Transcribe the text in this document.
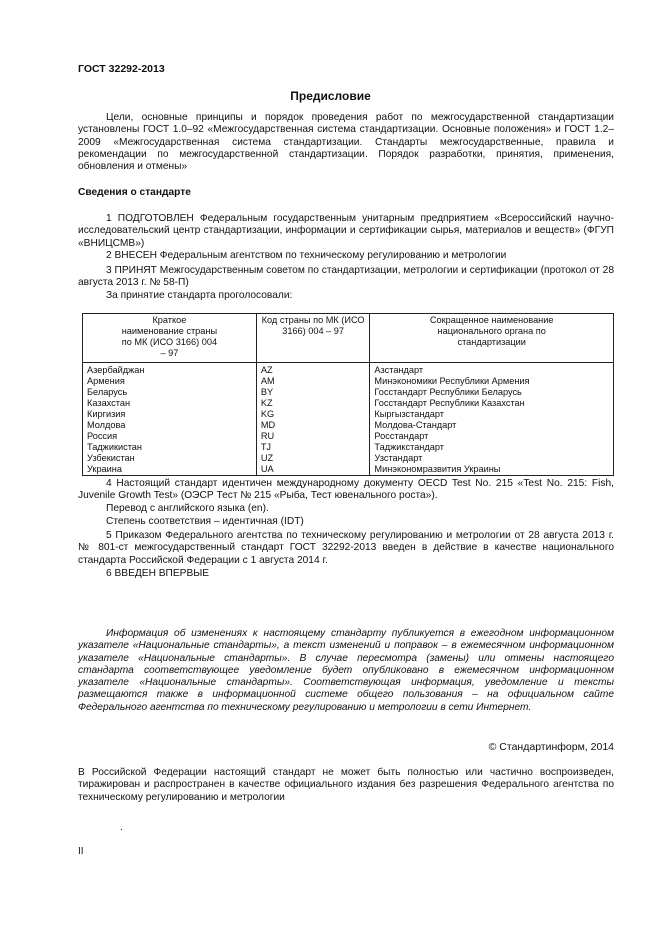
ГОСТ 32292-2013
Предисловие
Цели, основные принципы и порядок проведения работ по межгосударственной стандартизации установлены ГОСТ 1.0–92 «Межгосударственная система стандартизации. Основные положения» и ГОСТ 1.2–2009 «Межгосударственная система стандартизации. Стандарты межгосударственные, правила и рекомендации по межгосударственной стандартизации. Порядок разработки, принятия, применения, обновления и отмены»
Сведения о стандарте
1 ПОДГОТОВЛЕН Федеральным государственным унитарным предприятием «Всероссийский научно-исследовательский центр стандартизации, информации и сертификации сырья, материалов и веществ» (ФГУП «ВНИЦСМВ»)
2 ВНЕСЕН Федеральным агентством по техническому регулированию и метрологии
3 ПРИНЯТ Межгосударственным советом по стандартизации, метрологии и сертификации (протокол от 28 августа 2013 г. № 58-П)
За принятие стандарта проголосовали:
Краткое наименование страны по МК (ИСО 3166) 004 – 97	Код страны по МК (ИСО 3166) 004 – 97	Сокращенное наименование национального органа по стандартизации
Азербайджан	AZ	Азстандарт
Армения	AM	Минэкономики Республики Армения
Беларусь	BY	Госстандарт Республики Беларусь
Казахстан	KZ	Госстандарт Республики Казахстан
Киргизия	KG	Кыргызстандарт
Молдова	MD	Молдова-Стандарт
Россия	RU	Росстандарт
Таджикистан	TJ	Таджикстандарт
Узбекистан	UZ	Узстандарт
Украина	UA	Минэкономразвития Украины
4 Настоящий стандарт идентичен международному документу OECD Test No. 215 «Test No. 215: Fish, Juvenile Growth Test» (ОЭСР Тест № 215 «Рыба, Тест ювенального роста»).
Перевод с английского языка (en).
Степень соответствия – идентичная (IDT)
5 Приказом Федерального агентства по техническому регулированию и метрологии от 28 августа 2013 г. № 801-ст межгосударственный стандарт ГОСТ 32292-2013 введен в действие в качестве национального стандарта Российской Федерации с 1 августа 2014 г.
6 ВВЕДЕН ВПЕРВЫЕ
Информация об изменениях к настоящему стандарту публикуется в ежегодном информационном указателе «Национальные стандарты», а текст изменений и поправок – в ежемесячном информационном указателе «Национальные стандарты». В случае пересмотра (замены) или отмены настоящего стандарта соответствующее уведомление будет опубликовано в ежемесячном информационном указателе «Национальные стандарты». Соответствующая информация, уведомление и тексты размещаются также в информационной системе общего пользования – на официальном сайте Федерального агентства по техническому регулированию и метрологии в сети Интернет.
© Стандартинформ, 2014
В Российской Федерации настоящий стандарт не может быть полностью или частично воспроизведен, тиражирован и распространен в качестве официального издания без разрешения Федерального агентства по техническому регулированию и метрологии
.
II
